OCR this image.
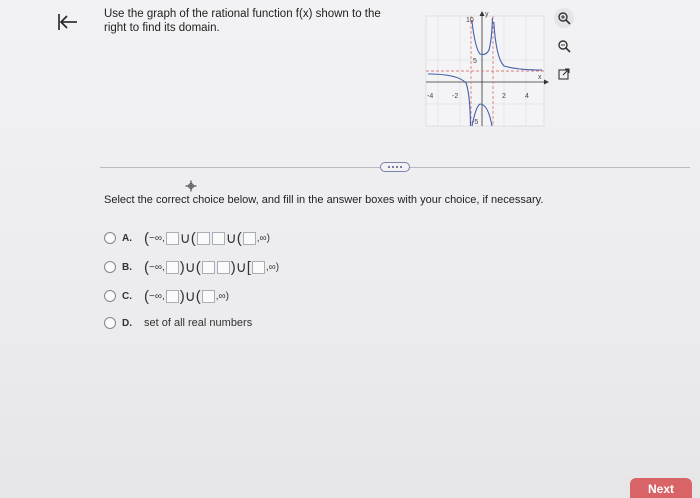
Use the graph of the rational function f(x) shown to the
right to find its domain.
y
x
10
5
-5
-4	-2	2	4
Select the correct choice below, and fill in the answer boxes with your choice, if necessary.
A. ( −∞, ∪( ∪( ,∞)
B. ( −∞, )∪( )∪[ ,∞)
C. ( −∞, )∪( ,∞)
D.	set of all real numbers
Next
